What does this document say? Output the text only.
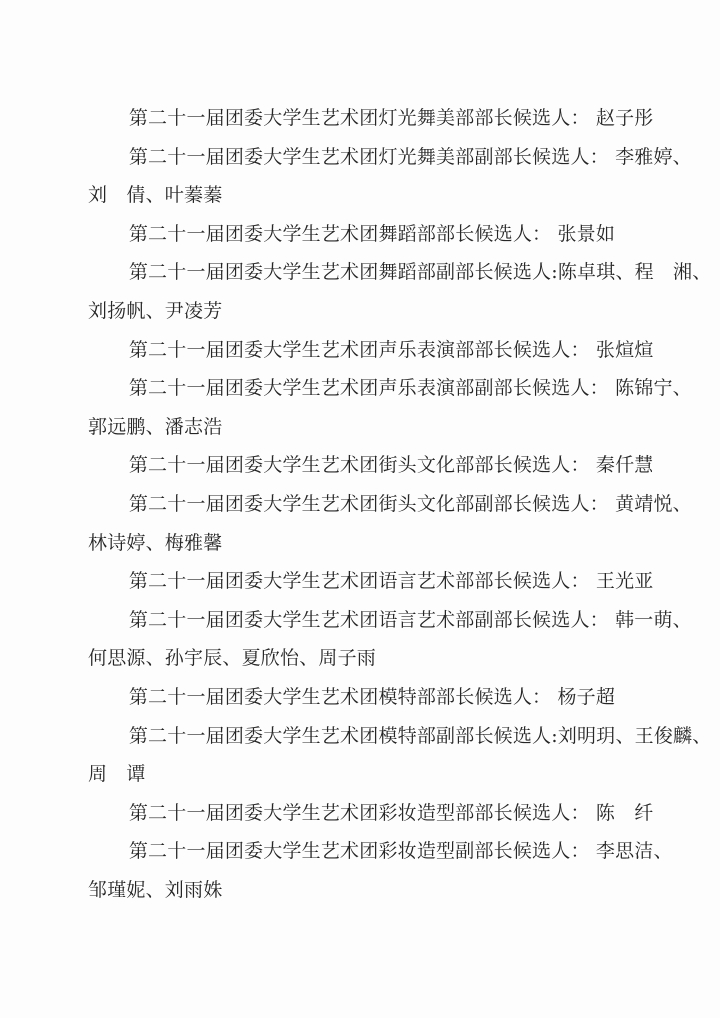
第二十一届团委大学生艺术团灯光舞美部部长候选人： 赵子彤

第二十一届团委大学生艺术团灯光舞美部副部长候选人： 李雅婷、

刘　倩、叶蓁蓁

第二十一届团委大学生艺术团舞蹈部部长候选人： 张景如

第二十一届团委大学生艺术团舞蹈部副部长候选人:陈卓琪、程　湘、

刘扬帆、尹凌芳

第二十一届团委大学生艺术团声乐表演部部长候选人： 张煊煊

第二十一届团委大学生艺术团声乐表演部副部长候选人： 陈锦宁、

郭远鹏、潘志浩

第二十一届团委大学生艺术团街头文化部部长候选人： 秦仟慧

第二十一届团委大学生艺术团街头文化部副部长候选人： 黄靖悦、

林诗婷、梅雅馨

第二十一届团委大学生艺术团语言艺术部部长候选人： 王光亚

第二十一届团委大学生艺术团语言艺术部副部长候选人： 韩一萌、

何思源、孙宇辰、夏欣怡、周子雨

第二十一届团委大学生艺术团模特部部长候选人： 杨子超

第二十一届团委大学生艺术团模特部副部长候选人:刘明玥、王俊麟、

周　谭

第二十一届团委大学生艺术团彩妆造型部部长候选人： 陈　纤

第二十一届团委大学生艺术团彩妆造型副部长候选人： 李思洁、

邹瑾妮、刘雨姝
